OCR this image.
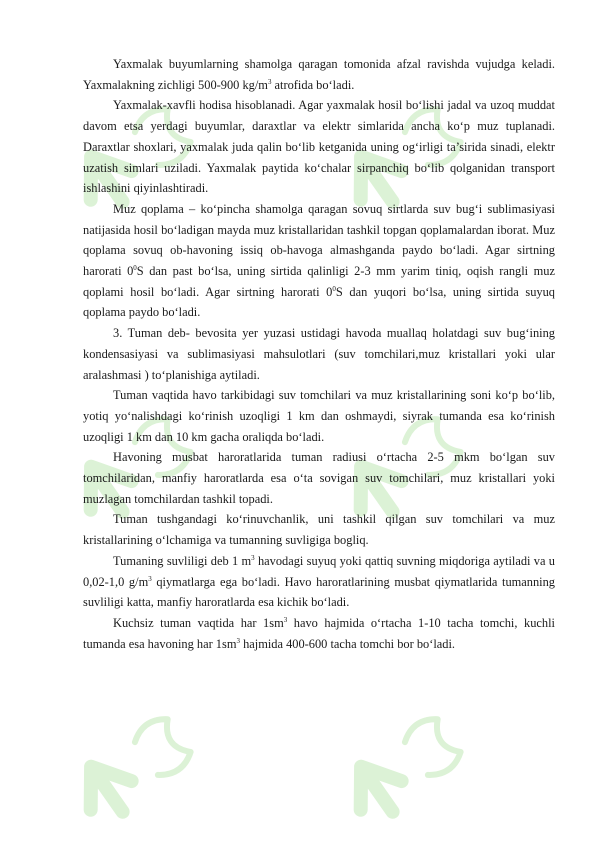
Yaxmalak buyumlarning shamolga qaragan tomonida afzal ravishda vujudga keladi. Yaxmalakning zichligi 500-900 $kg/m^3$ atrofida bo‘ladi.

Yaxmalak-xavfli hodisa hisoblanadi. Agar yaxmalak hosil bo‘lishi jadal va uzoq muddat davom etsa yerdagi buyumlar, daraxtlar va elektr simlarida ancha ko‘p muz tuplanadi. Daraxtlar shoxlari, yaxmalak juda qalin bo‘lib ketganida uning og‘irligi ta’sirida sinadi, elektr uzatish simlari uziladi. Yaxmalak paytida ko‘chalar sirpanchiq bo‘lib qolganidan transport ishlashini qiyinlashtiradi.

Muz qoplama – ko‘pincha shamolga qaragan sovuq sirtlarda suv bug‘i sublimasiyasi natijasida hosil bo‘ladigan mayda muz kristallaridan tashkil topgan qoplamalardan iborat. Muz qoplama sovuq ob-havoning issiq ob-havoga almashganda paydo bo‘ladi. Agar sirtning harorati $0^0S$ dan past bo‘lsa, uning sirtida qalinligi 2-3 mm yarim tiniq, oqish rangli muz qoplami hosil bo‘ladi. Agar sirtning harorati $0^0S$ dan yuqori bo‘lsa, uning sirtida suyuq qoplama paydo bo‘ladi.

3. Tuman deb- bevosita yer yuzasi ustidagi havoda muallaq holatdagi suv bug‘ining kondensasiyasi va sublimasiyasi mahsulotlari (suv tomchilari,muz kristallari yoki ular aralashmasi ) to‘planishiga aytiladi.

Tuman vaqtida havo tarkibidagi suv tomchilari va muz kristallarining soni ko‘p bo‘lib, yotiq yo‘nalishdagi ko‘rinish uzoqligi 1 km dan oshmaydi, siyrak tumanda esa ko‘rinish uzoqligi 1 km dan 10 km gacha oraliqda bo‘ladi.

Havoning musbat haroratlarida tuman radiusi o‘rtacha 2-5 mkm bo‘lgan suv tomchilaridan, manfiy haroratlarda esa o‘ta sovigan suv tomchilari, muz kristallari yoki muzlagan tomchilardan tashkil topadi.

Tuman tushgandagi ko‘rinuvchanlik, uni tashkil qilgan suv tomchilari va muz kristallarining o‘lchamiga va tumanning suvligiga bogliq.

Tumaning suvliligi deb 1 $m^3$ havodagi suyuq yoki qattiq suvning miqdoriga aytiladi va u 0,02-1,0 $g/m^3$ qiymatlarga ega bo‘ladi. Havo haroratlarining musbat qiymatlarida tumanning suvliligi katta, manfiy haroratlarda esa kichik bo‘ladi.

Kuchsiz tuman vaqtida har $1sm^3$ havo hajmida o‘rtacha 1-10 tacha tomchi, kuchli tumanda esa havoning har $1sm^3$ hajmida 400-600 tacha tomchi bor bo‘ladi.
